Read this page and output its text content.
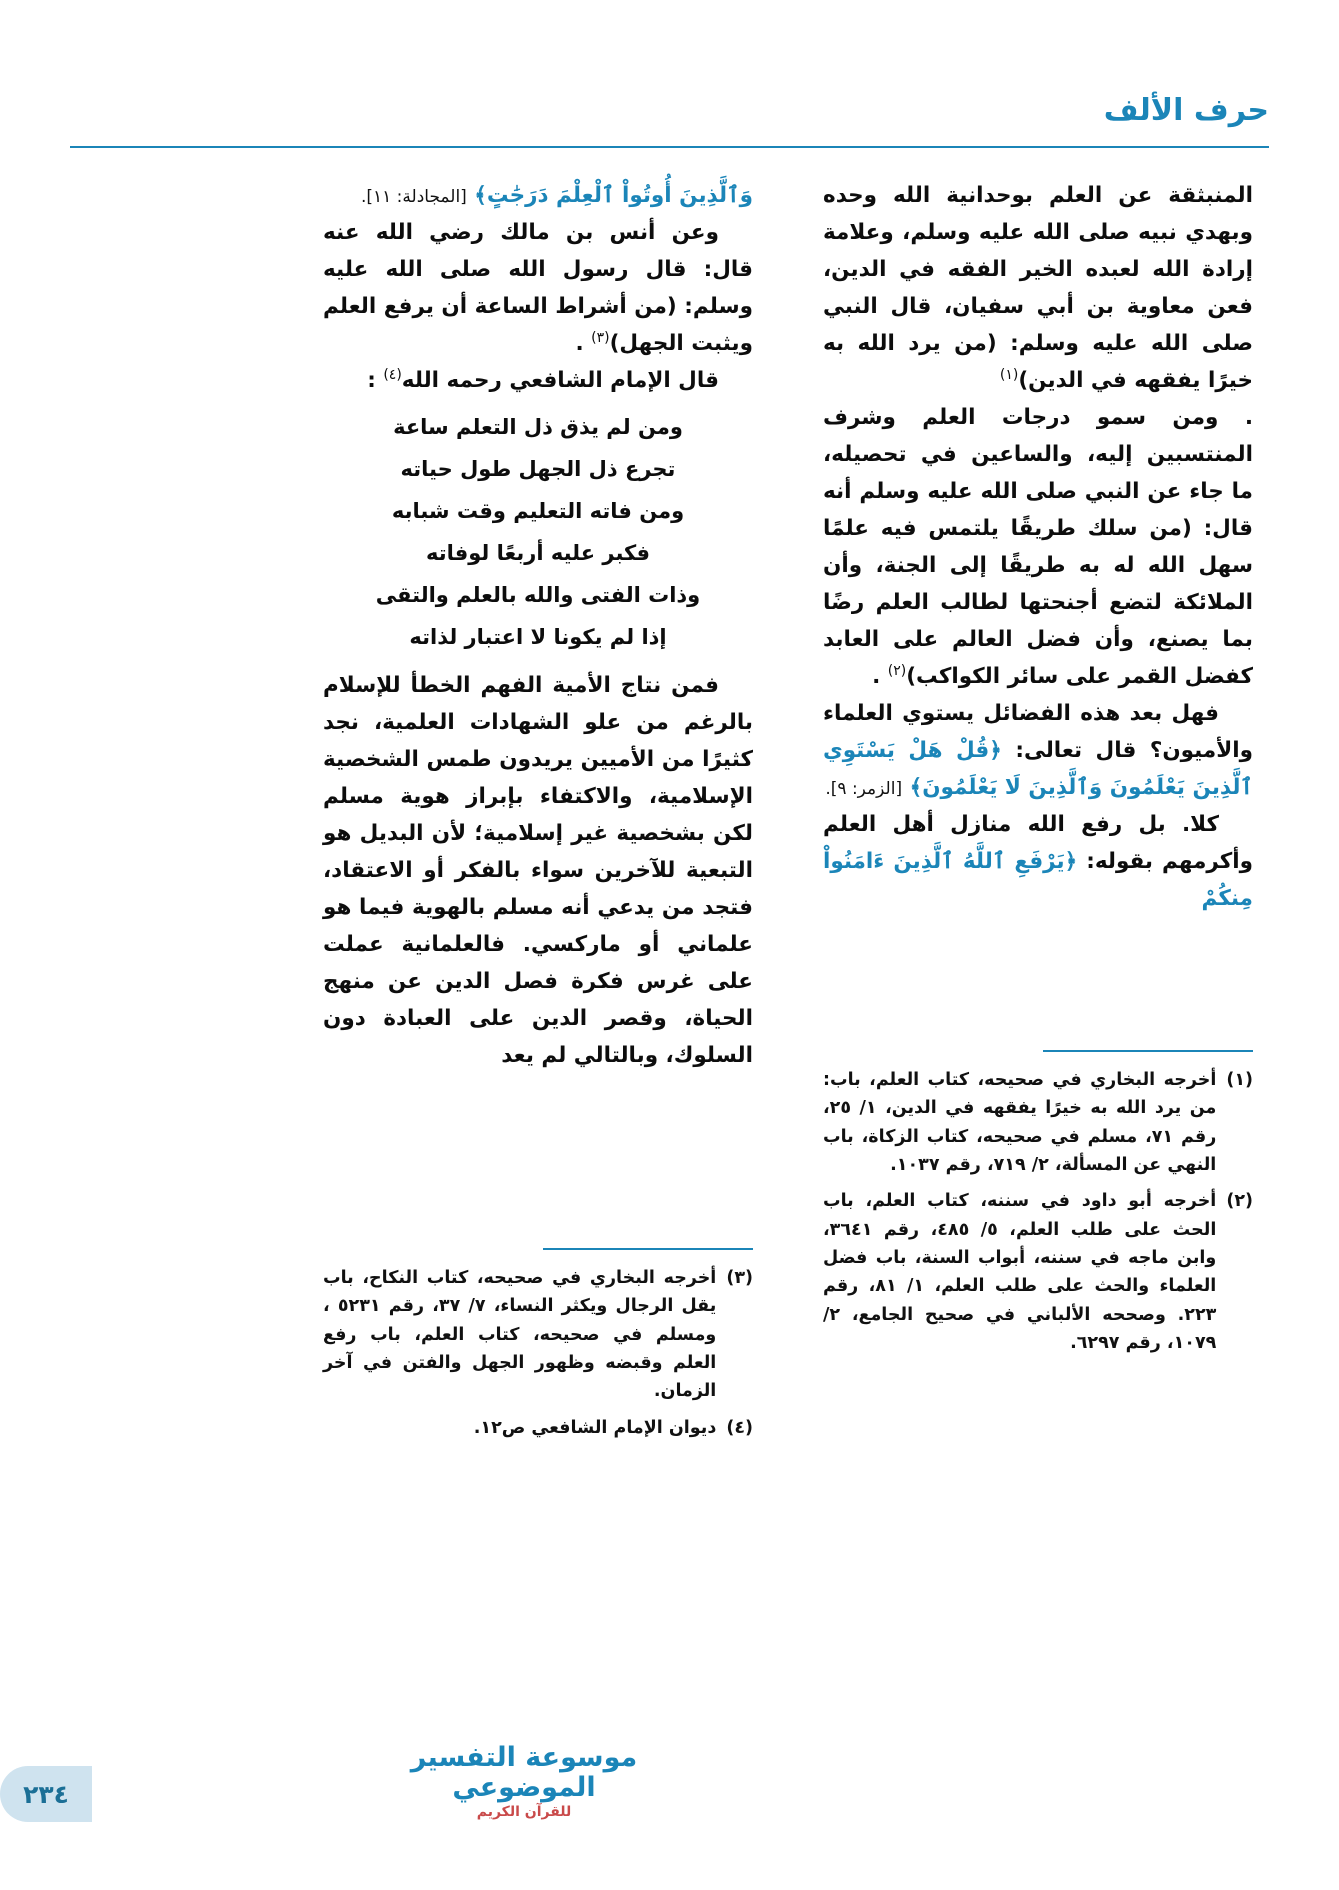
حرف الألف

المنبثقة عن العلم بوحدانية الله وحده وبهدي نبيه صلى الله عليه وسلم، وعلامة إرادة الله لعبده الخير الفقه في الدين، فعن معاوية بن أبي سفيان، قال النبي صلى الله عليه وسلم: (من يرد الله به خيرًا يفقهه في الدين)$^{(١)}$

. ومن سمو درجات العلم وشرف المنتسبين إليه، والساعين في تحصيله، ما جاء عن النبي صلى الله عليه وسلم أنه قال: (من سلك طريقًا يلتمس فيه علمًا سهل الله له به طريقًا إلى الجنة، وأن الملائكة لتضع أجنحتها لطالب العلم رضًا بما يصنع، وأن فضل العالم على العابد كفضل القمر على سائر الكواكب)$^{(٢)}$ .

فهل بعد هذه الفضائل يستوي العلماء والأميون؟ قال تعالى: ﴿قُلْ هَلْ يَسْتَوِي ٱلَّذِينَ يَعْلَمُونَ وَٱلَّذِينَ لَا يَعْلَمُونَ﴾ [الزمر: ٩].

كلا. بل رفع الله منازل أهل العلم وأكرمهم بقوله: ﴿يَرْفَعِ ٱللَّهُ ٱلَّذِينَ ءَامَنُواْ مِنكُمْ

وَٱلَّذِينَ أُوتُواْ ٱلْعِلْمَ دَرَجَٰتٍ﴾ [المجادلة: ١١].

وعن أنس بن مالك رضي الله عنه قال: قال رسول الله صلى الله عليه وسلم: (من أشراط الساعة أن يرفع العلم ويثبت الجهل)$^{(٣)}$ .

قال الإمام الشافعي رحمه الله$^{(٤)}$ :

ومن لم يذق ذل التعلم ساعة
تجرع ذل الجهل طول حياته
ومن فاته التعليم وقت شبابه
فكبر عليه أربعًا لوفاته
وذات الفتى والله بالعلم والتقى
إذا لم يكونا لا اعتبار لذاته

فمن نتاج الأمية الفهم الخطأ للإسلام بالرغم من علو الشهادات العلمية، نجد كثيرًا من الأميين يريدون طمس الشخصية الإسلامية، والاكتفاء بإبراز هوية مسلم لكن بشخصية غير إسلامية؛ لأن البديل هو التبعية للآخرين سواء بالفكر أو الاعتقاد، فتجد من يدعي أنه مسلم بالهوية فيما هو علماني أو ماركسي. فالعلمانية عملت على غرس فكرة فصل الدين عن منهج الحياة، وقصر الدين على العبادة دون السلوك، وبالتالي لم يعد

(١)
أخرجه البخاري في صحيحه، كتاب العلم، باب: من يرد الله به خيرًا يفقهه في الدين، ١/ ٢٥، رقم ٧١، مسلم في صحيحه، كتاب الزكاة، باب النهي عن المسألة، ٢/ ٧١٩، رقم ١٠٣٧.
(٢)
أخرجه أبو داود في سننه، كتاب العلم، باب الحث على طلب العلم، ٥/ ٤٨٥، رقم ٣٦٤١، وابن ماجه في سننه، أبواب السنة، باب فضل العلماء والحث على طلب العلم، ١/ ٨١، رقم ٢٢٣. وصححه الألباني في صحيح الجامع، ٢/ ١٠٧٩، رقم ٦٢٩٧.
(٣)
أخرجه البخاري في صحيحه، كتاب النكاح، باب يقل الرجال ويكثر النساء، ٧/ ٣٧، رقم ٥٢٣١ ، ومسلم في صحيحه، كتاب العلم، باب رفع العلم وقبضه وظهور الجهل والفتن في آخر الزمان.
(٤)
ديوان الإمام الشافعي ص١٢.
موسوعة التفسير الموضوعي
للقرآن الكريم
٢٣٤
